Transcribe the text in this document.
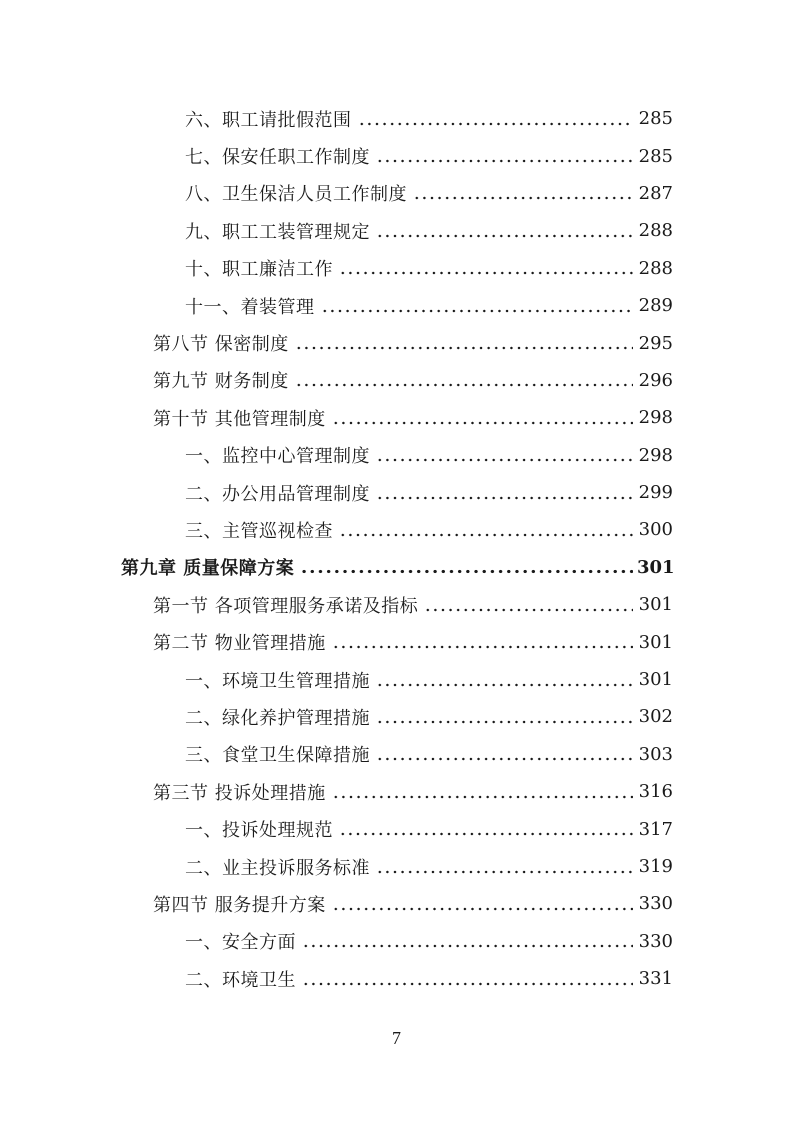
六、职工请批假范围	285
七、保安任职工作制度	285
八、卫生保洁人员工作制度	287
九、职工工装管理规定	288
十、职工廉洁工作	288
十一、着装管理	289
第八节 保密制度	295
第九节 财务制度	296
第十节 其他管理制度	298
一、监控中心管理制度	298
二、办公用品管理制度	299
三、主管巡视检查	300
第九章 质量保障方案	301
第一节 各项管理服务承诺及指标	301
第二节 物业管理措施	301
一、环境卫生管理措施	301
二、绿化养护管理措施	302
三、食堂卫生保障措施	303
第三节 投诉处理措施	316
一、投诉处理规范	317
二、业主投诉服务标准	319
第四节 服务提升方案	330
一、安全方面	330
二、环境卫生	331
7
